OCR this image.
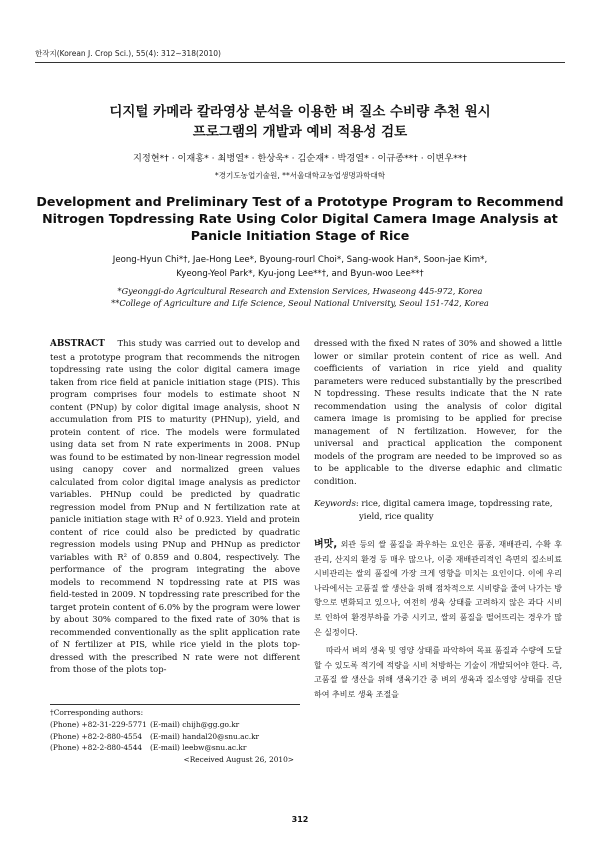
한작지(Korean J. Crop Sci.), 55(4): 312~318(2010)
디지털 카메라 칼라영상 분석을 이용한 벼 질소 수비량 추천 원시
프로그램의 개발과 예비 적용성 검토
지정현*† · 이재홍* · 최병열* · 한상욱* · 김순재* · 박경열* · 이규종**† · 이변우**†
*경기도농업기술원, **서울대학교농업생명과학대학
Development and Preliminary Test of a Prototype Program to Recommend
Nitrogen Topdressing Rate Using Color Digital Camera Image Analysis at
Panicle Initiation Stage of Rice
Jeong-Hyun Chi*†, Jae-Hong Lee*, Byoung-rourl Choi*, Sang-wook Han*, Soon-jae Kim*,
Kyeong-Yeol Park*, Kyu-jong Lee**†, and Byun-woo Lee**†
*Gyeonggi-do Agricultural Research and Extension Services, Hwaseong 445-972, Korea
**College of Agriculture and Life Science, Seoul National University, Seoul 151-742, Korea
ABSTRACT This study was carried out to develop and test a prototype program that recommends the nitrogen topdressing rate using the color digital camera image taken from rice field at panicle initiation stage (PIS). This program comprises four models to estimate shoot N content (PNup) by color digital image analysis, shoot N accumulation from PIS to maturity (PHNup), yield, and protein content of rice. The models were formulated using data set from N rate experiments in 2008. PNup was found to be estimated by non-linear regression model using canopy cover and normalized green values calculated from color digital image analysis as predictor variables. PHNup could be predicted by quadratic regression model from PNup and N fertilization rate at panicle initiation stage with R² of 0.923. Yield and protein content of rice could also be predicted by quadratic regression models using PNup and PHNup as predictor variables with R² of 0.859 and 0.804, respectively. The performance of the program integrating the above models to recommend N topdressing rate at PIS was field-tested in 2009. N topdressing rate prescribed for the target protein content of 6.0% by the program were lower by about 30% compared to the fixed rate of 30% that is recommended conventionally as the split application rate of N fertilizer at PIS, while rice yield in the plots top-dressed with the prescribed N rate were not different from those of the plots top-
dressed with the fixed N rates of 30% and showed a little lower or similar protein content of rice as well. And coefficients of variation in rice yield and quality parameters were reduced substantially by the prescribed N topdressing. These results indicate that the N rate recommendation using the analysis of color digital camera image is promising to be applied for precise management of N fertilization. However, for the universal and practical application the component models of the program are needed to be improved so as to be applicable to the diverse edaphic and climatic condition.
Keywords: rice, digital camera image, topdressing rate,
yield, rice quality

벼맛, 외관 등의 쌀 품질을 좌우하는 요인은 품종, 재배관리, 수확 후 관리, 산지의 환경 등 매우 많으나, 이중 재배관리적인 측면의 질소비료 시비관리는 쌀의 품질에 가장 크게 영향을 미치는 요인이다. 이에 우리나라에서는 고품질 쌀 생산을 위해 점차적으로 시비량을 줄여 나가는 방향으로 변화되고 있으나, 여전히 생육 상태를 고려하지 않은 과다 시비로 인하여 환경부하를 가중 시키고, 쌀의 품질을 떨어뜨리는 경우가 많은 실정이다.

따라서 벼의 생육 및 영양 상태를 파악하여 목표 품질과 수량에 도달할 수 있도록 적기에 적량을 시비 처방하는 기술이 개발되어야 한다. 즉, 고품질 쌀 생산을 위해 생육기간 중 벼의 생육과 질소영양 상태를 진단하여 추비로 생육 조절을

†Corresponding authors:
(Phone) +82-31-229-5771 (E-mail) chijh@gg.go.kr
(Phone) +82-2-880-4554	(E-mail) handal20@snu.ac.kr
(Phone) +82-2-880-4544	(E-mail) leebw@snu.ac.kr
<Received August 26, 2010>
312
